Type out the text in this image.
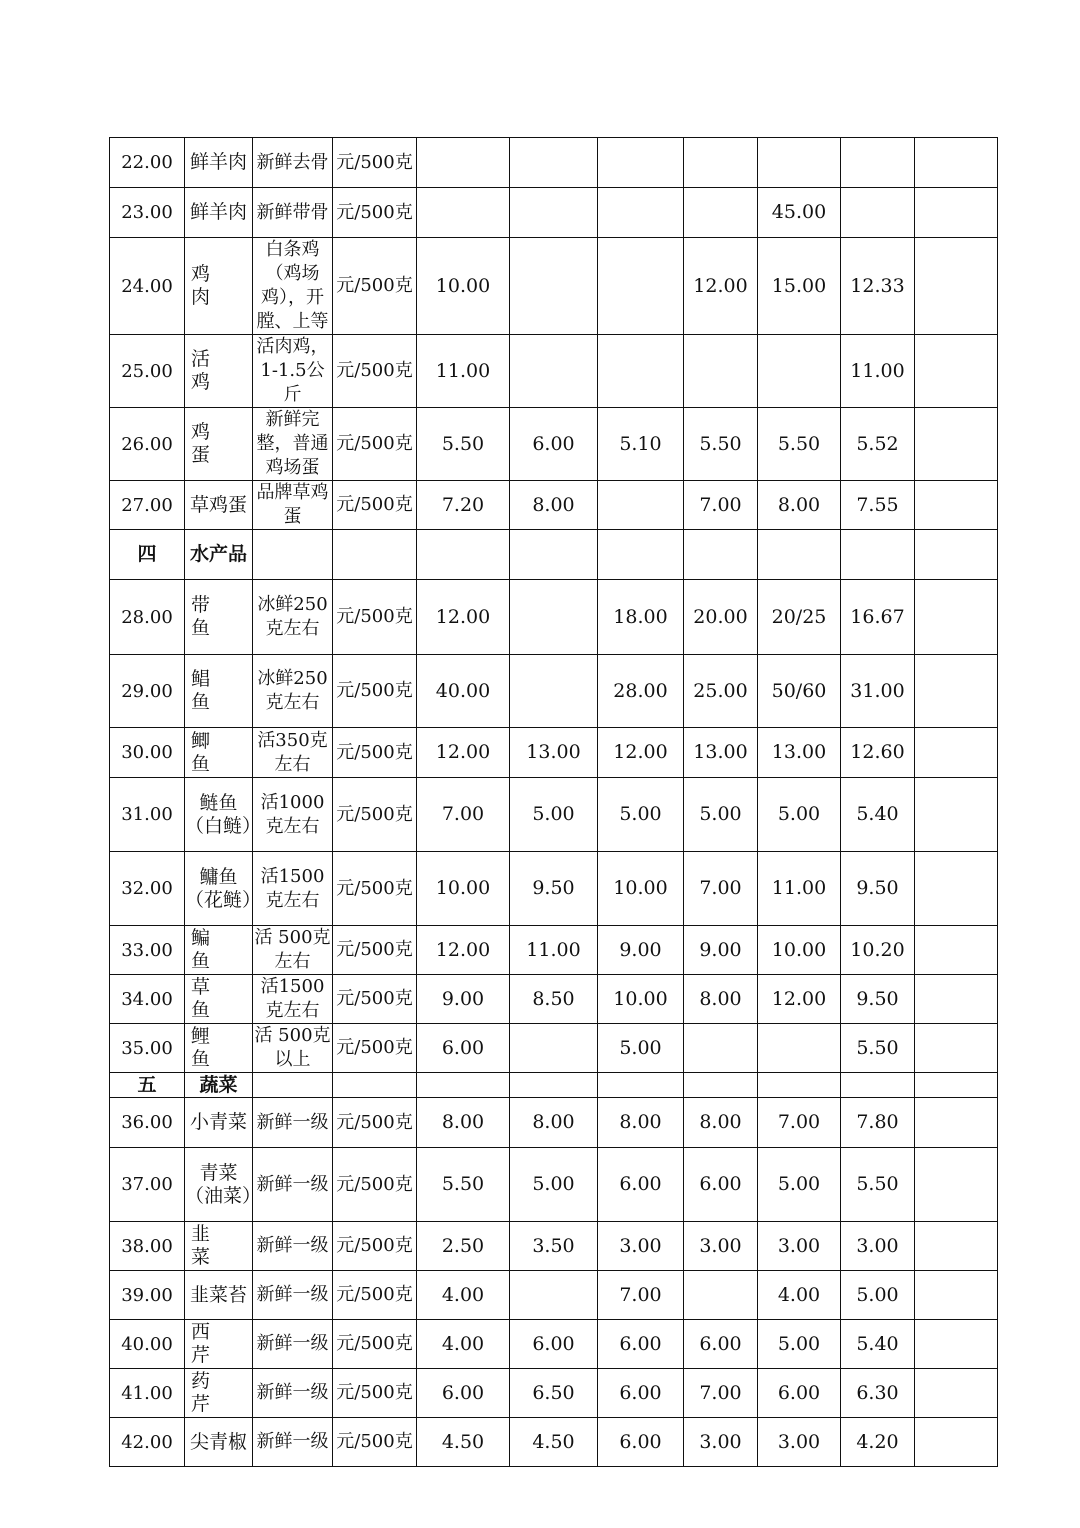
22.00	鲜羊肉	新鲜去骨	元/500克							
23.00	鲜羊肉	新鲜带骨	元/500克					45.00		
24.00	鸡　肉	白条鸡（鸡场鸡），开膛、上等	元/500克	10.00			12.00	15.00	12.33	
25.00	活　鸡	活肉鸡，1-1.5公斤	元/500克	11.00					11.00	
26.00	鸡　蛋	新鲜完整，普通鸡场蛋	元/500克	5.50	6.00	5.10	5.50	5.50	5.52	
27.00	草鸡蛋	品牌草鸡蛋	元/500克	7.20	8.00		7.00	8.00	7.55	
四	水产品									
28.00	带　鱼	冰鲜250克左右	元/500克	12.00		18.00	20.00	20/25	16.67	
29.00	鲳　鱼	冰鲜250克左右	元/500克	40.00		28.00	25.00	50/60	31.00	
30.00	鲫　鱼	活350克左右	元/500克	12.00	13.00	12.00	13.00	13.00	12.60	
31.00	鲢鱼（白鲢）	活1000克左右	元/500克	7.00	5.00	5.00	5.00	5.00	5.40	
32.00	鳙鱼（花鲢）	活1500克左右	元/500克	10.00	9.50	10.00	7.00	11.00	9.50	
33.00	鳊　鱼	活 500克左右	元/500克	12.00	11.00	9.00	9.00	10.00	10.20	
34.00	草　鱼	活1500克左右	元/500克	9.00	8.50	10.00	8.00	12.00	9.50	
35.00	鲤　鱼	活 500克以上	元/500克	6.00		5.00			5.50	
五	蔬菜									
36.00	小青菜	新鲜一级	元/500克	8.00	8.00	8.00	8.00	7.00	7.80	
37.00	青菜（油菜）	新鲜一级	元/500克	5.50	5.00	6.00	6.00	5.00	5.50	
38.00	韭　菜	新鲜一级	元/500克	2.50	3.50	3.00	3.00	3.00	3.00	
39.00	韭菜苔	新鲜一级	元/500克	4.00		7.00		4.00	5.00	
40.00	西　芹	新鲜一级	元/500克	4.00	6.00	6.00	6.00	5.00	5.40	
41.00	药　芹	新鲜一级	元/500克	6.00	6.50	6.00	7.00	6.00	6.30	
42.00	尖青椒	新鲜一级	元/500克	4.50	4.50	6.00	3.00	3.00	4.20	
